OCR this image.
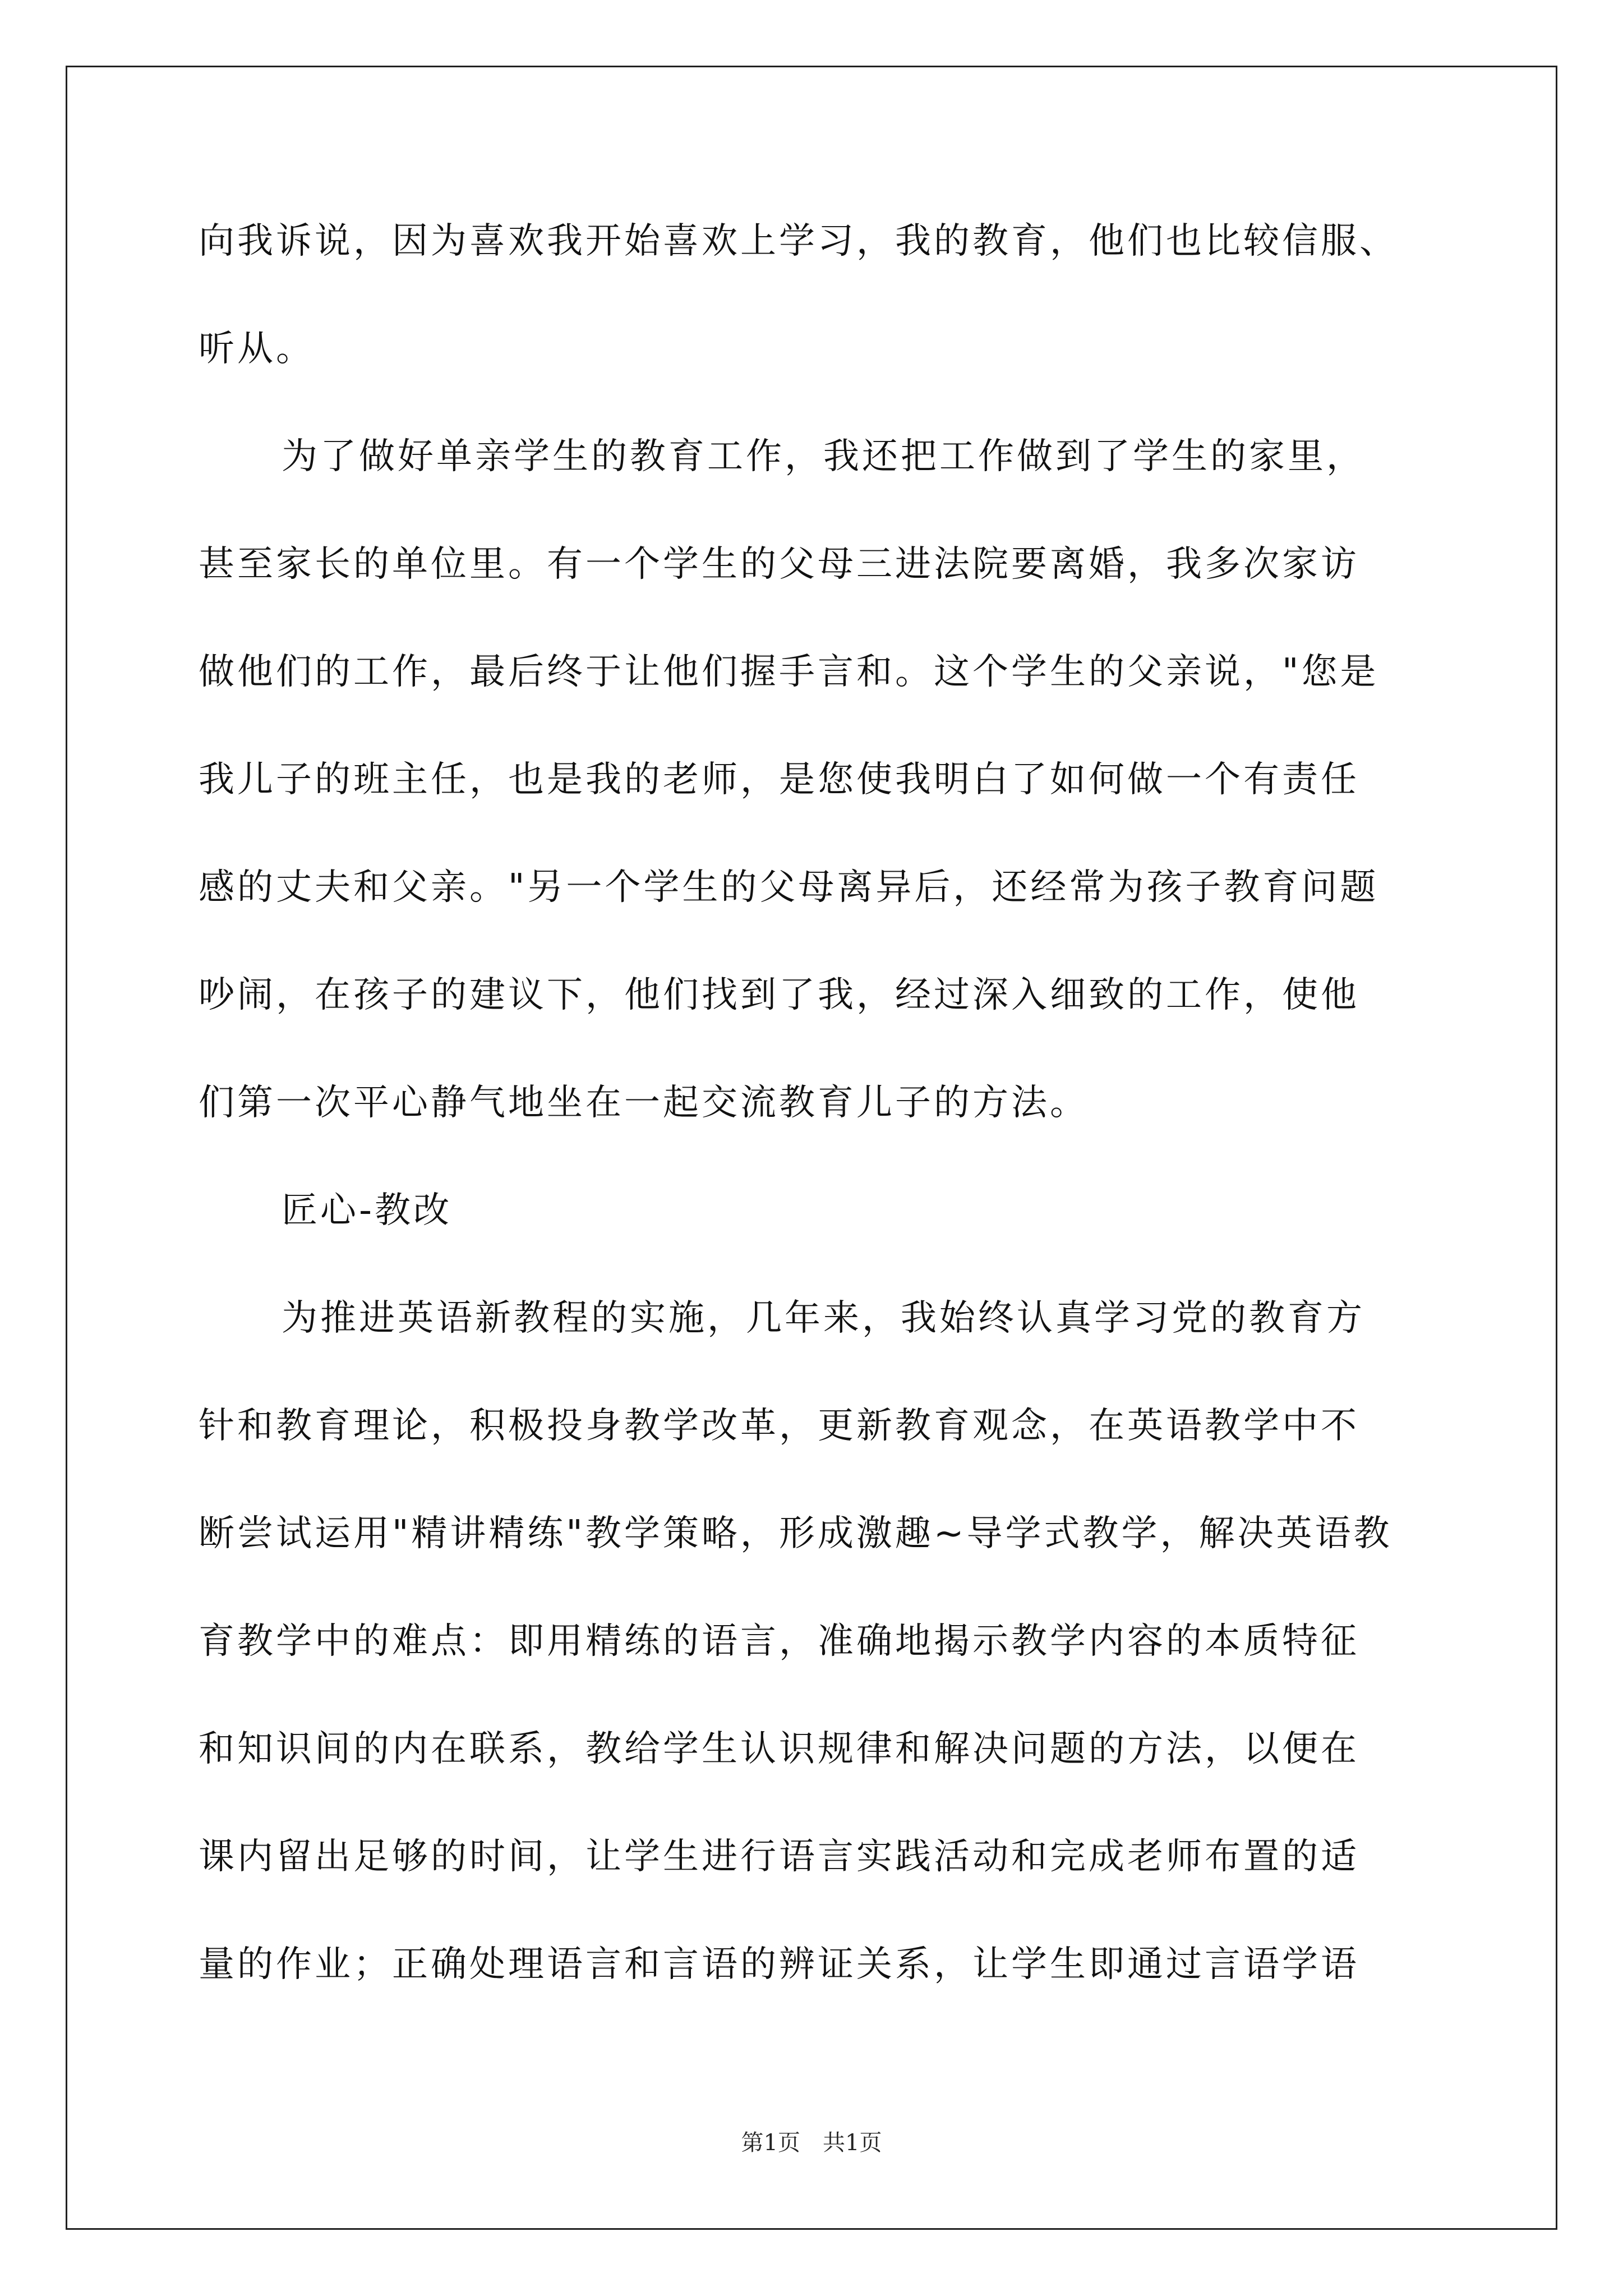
向我诉说，因为喜欢我开始喜欢上学习，我的教育，他们也比较信服、
听从。
为了做好单亲学生的教育工作，我还把工作做到了学生的家里，
甚至家长的单位里。有一个学生的父母三进法院要离婚，我多次家访
做他们的工作，最后终于让他们握手言和。这个学生的父亲说，"您是
我儿子的班主任，也是我的老师，是您使我明白了如何做一个有责任
感的丈夫和父亲。"另一个学生的父母离异后，还经常为孩子教育问题
吵闹，在孩子的建议下，他们找到了我，经过深入细致的工作，使他
们第一次平心静气地坐在一起交流教育儿子的方法。
匠心-教改
为推进英语新教程的实施，几年来，我始终认真学习党的教育方
针和教育理论，积极投身教学改革，更新教育观念，在英语教学中不
断尝试运用"精讲精练"教学策略，形成激趣~导学式教学，解决英语教
育教学中的难点：即用精练的语言，准确地揭示教学内容的本质特征
和知识间的内在联系，教给学生认识规律和解决问题的方法，以便在
课内留出足够的时间，让学生进行语言实践活动和完成老师布置的适
量的作业；正确处理语言和言语的辨证关系，让学生即通过言语学语
第1页　共1页
